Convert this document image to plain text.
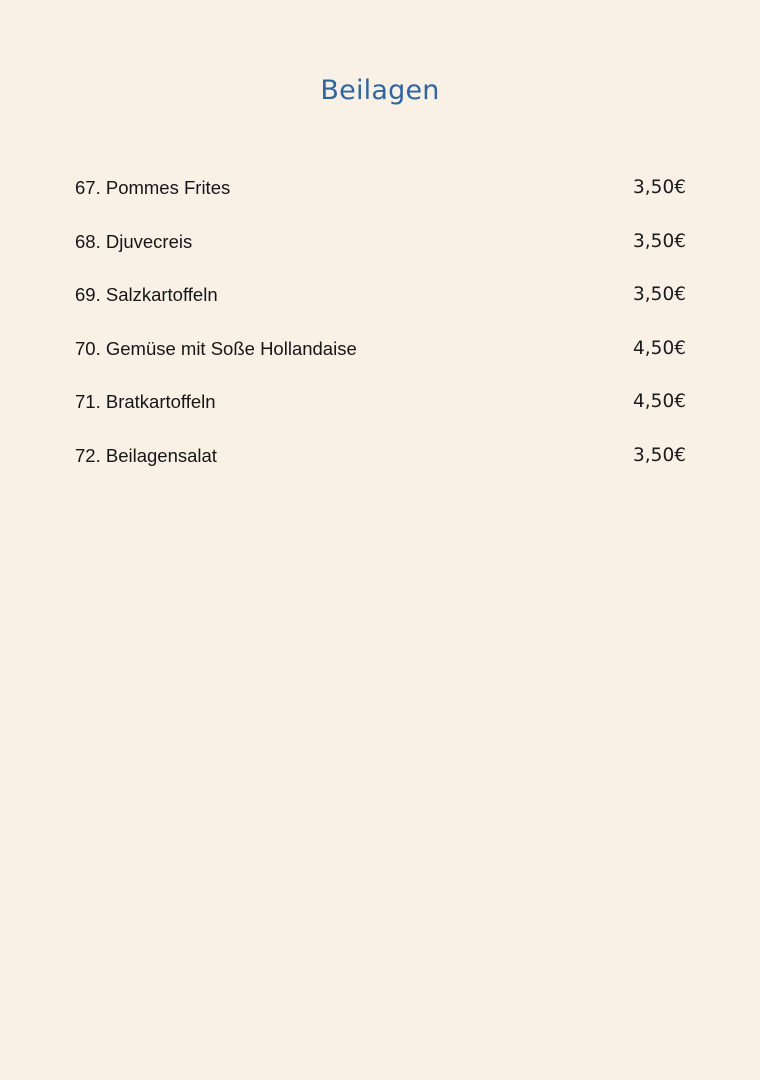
Beilagen
67. Pommes Frites	3,50€
68. Djuvecreis	3,50€
69. Salzkartoffeln	3,50€
70. Gemüse mit Soße Hollandaise	4,50€
71. Bratkartoffeln	4,50€
72. Beilagensalat	3,50€
